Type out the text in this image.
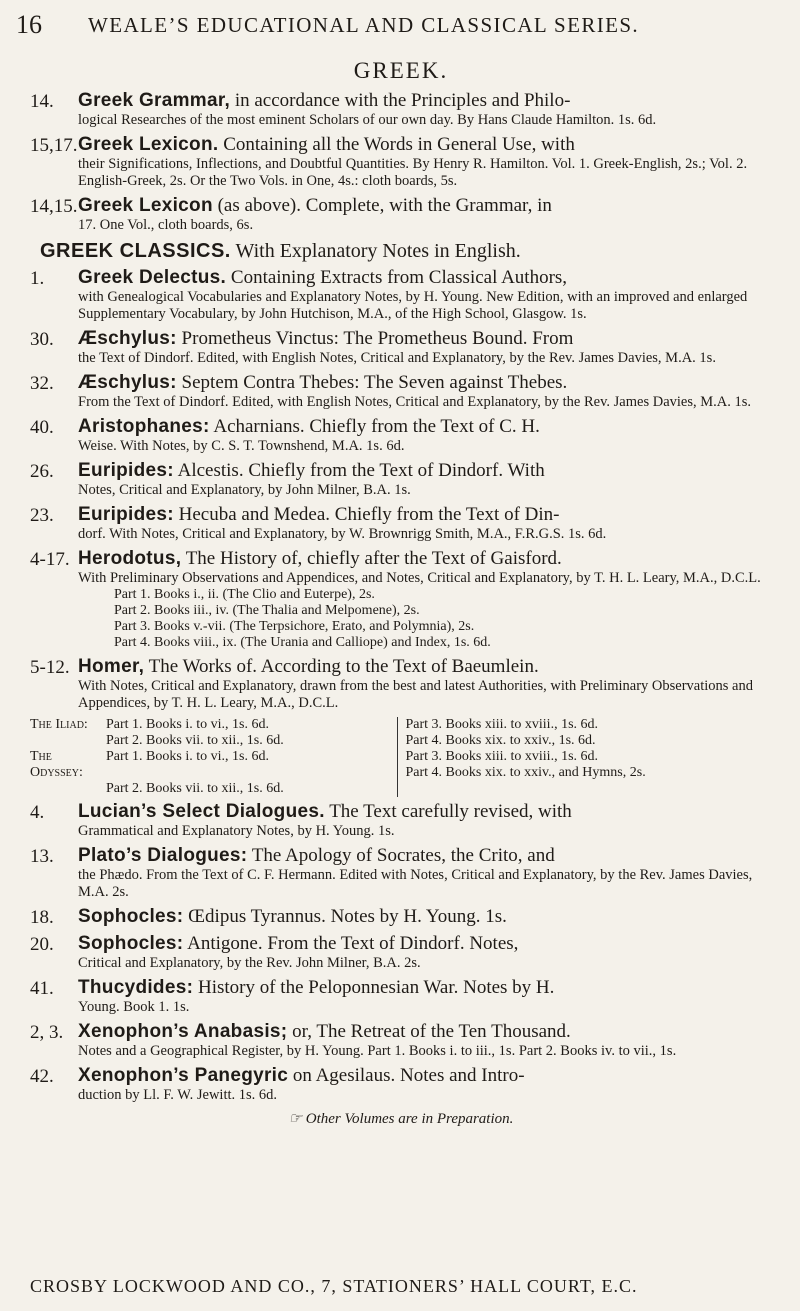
16 WEALE’S EDUCATIONAL AND CLASSICAL SERIES.
GREEK.
14. Greek Grammar, in accordance with the Principles and Philo-
logical Researches of the most eminent Scholars of our own day. By Hans Claude Hamilton. 1s. 6d.
15,17. Greek Lexicon. Containing all the Words in General Use, with
their Significations, Inflections, and Doubtful Quantities. By Henry R. Hamilton. Vol. 1. Greek-English, 2s.; Vol. 2. English-Greek, 2s. Or the Two Vols. in One, 4s.: cloth boards, 5s.
14,15. Greek Lexicon (as above). Complete, with the Grammar, in
17. One Vol., cloth boards, 6s.
GREEK CLASSICS. With Explanatory Notes in English.
1. Greek Delectus. Containing Extracts from Classical Authors,
with Genealogical Vocabularies and Explanatory Notes, by H. Young. New Edition, with an improved and enlarged Supplementary Vocabulary, by John Hutchison, M.A., of the High School, Glasgow. 1s.
30. Æschylus: Prometheus Vinctus: The Prometheus Bound. From
the Text of Dindorf. Edited, with English Notes, Critical and Explanatory, by the Rev. James Davies, M.A. 1s.
32. Æschylus: Septem Contra Thebes: The Seven against Thebes.
From the Text of Dindorf. Edited, with English Notes, Critical and Explanatory, by the Rev. James Davies, M.A. 1s.
40. Aristophanes: Acharnians. Chiefly from the Text of C. H.
Weise. With Notes, by C. S. T. Townshend, M.A. 1s. 6d.
26. Euripides: Alcestis. Chiefly from the Text of Dindorf. With
Notes, Critical and Explanatory, by John Milner, B.A. 1s.
23. Euripides: Hecuba and Medea. Chiefly from the Text of Din-
dorf. With Notes, Critical and Explanatory, by W. Brownrigg Smith, M.A., F.R.G.S. 1s. 6d.
4-17. Herodotus, The History of, chiefly after the Text of Gaisford.
With Preliminary Observations and Appendices, and Notes, Critical and Explanatory, by T. H. L. Leary, M.A., D.C.L.
Part 1. Books i., ii. (The Clio and Euterpe), 2s.
Part 2. Books iii., iv. (The Thalia and Melpomene), 2s.
Part 3. Books v.-vii. (The Terpsichore, Erato, and Polymnia), 2s.
Part 4. Books viii., ix. (The Urania and Calliope) and Index, 1s. 6d.
5-12. Homer, The Works of. According to the Text of Baeumlein.
With Notes, Critical and Explanatory, drawn from the best and latest Authorities, with Preliminary Observations and Appendices, by T. H. L. Leary, M.A., D.C.L.
The Iliad:	Part 1. Books i. to vi., 1s. 6d.
Part 2. Books vii. to xii., 1s. 6d.
The Odyssey:
Part 1. Books i. to vi., 1s. 6d.
Part 2. Books vii. to xii., 1s. 6d.
Part 3. Books xiii. to xviii., 1s. 6d.
Part 4. Books xix. to xxiv., 1s. 6d.
Part 3. Books xiii. to xviii., 1s. 6d.
Part 4. Books xix. to xxiv., and Hymns, 2s.
4. Lucian’s Select Dialogues. The Text carefully revised, with
Grammatical and Explanatory Notes, by H. Young. 1s.
13. Plato’s Dialogues: The Apology of Socrates, the Crito, and
the Phædo. From the Text of C. F. Hermann. Edited with Notes, Critical and Explanatory, by the Rev. James Davies, M.A. 2s.
18. Sophocles: Œdipus Tyrannus. Notes by H. Young. 1s.
20. Sophocles: Antigone. From the Text of Dindorf. Notes,
Critical and Explanatory, by the Rev. John Milner, B.A. 2s.
41. Thucydides: History of the Peloponnesian War. Notes by H.
Young. Book 1. 1s.
2, 3. Xenophon’s Anabasis; or, The Retreat of the Ten Thousand.
Notes and a Geographical Register, by H. Young. Part 1. Books i. to iii., 1s. Part 2. Books iv. to vii., 1s.
42. Xenophon’s Panegyric on Agesilaus. Notes and Intro-
duction by Ll. F. W. Jewitt. 1s. 6d.
☞ Other Volumes are in Preparation.
CROSBY LOCKWOOD AND CO., 7, STATIONERS’ HALL COURT, E.C.
